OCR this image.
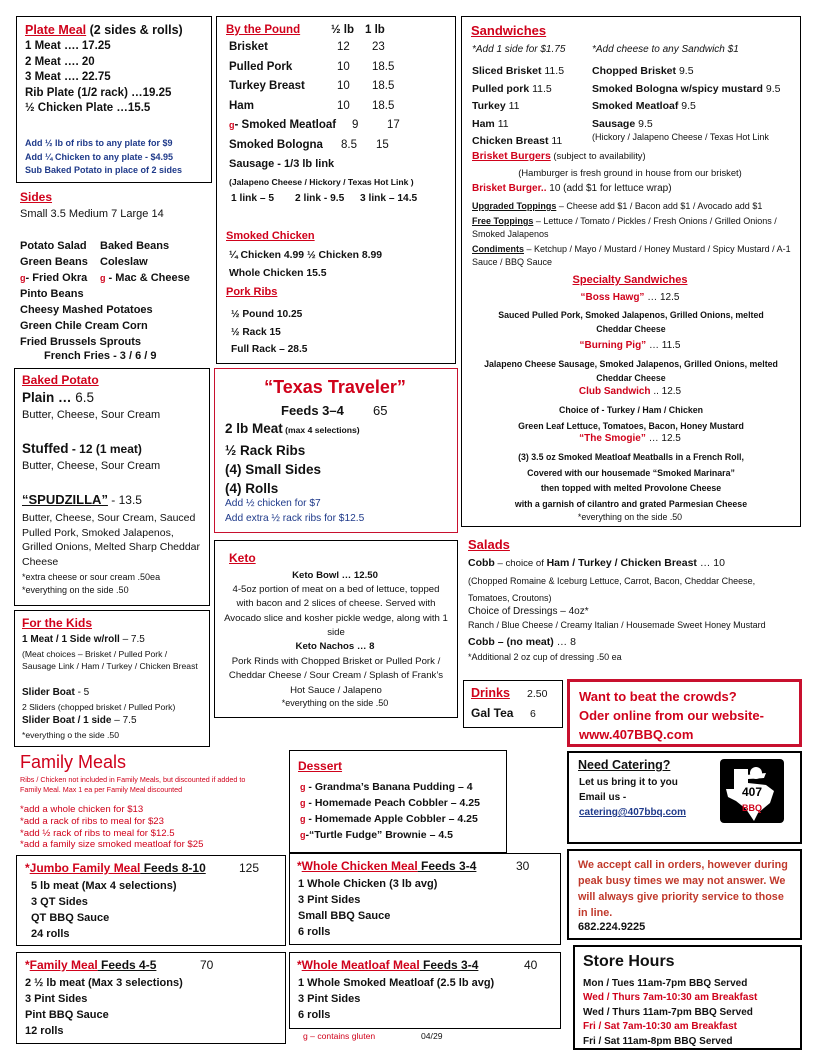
Plate Meal (2 sides & rolls)
1 Meat …. 17.25
2 Meat …. 20
3 Meat …. 22.75
Rib Plate (1/2 rack) …19.25
½ Chicken Plate …15.5
Add ½ lb of ribs to any plate for $9
Add ¼ Chicken to any plate - $4.95
Sub Baked Potato in place of 2 sides
Sides
Small 3.5 Medium 7 Large 14
Potato Salad
Green Beans
g- Fried Okra
Pinto Beans
Baked Beans
Coleslaw
g - Mac & Cheese
Cheesy Mashed Potatoes
Green Chile Cream Corn
Fried Brussels Sprouts
French Fries - 3 / 6 / 9
Baked Potato
Plain … 6.5
Butter, Cheese, Sour Cream
Stuffed - 12 (1 meat)
Butter, Cheese, Sour Cream
“SPUDZILLA” - 13.5
Butter, Cheese, Sour Cream, Sauced Pulled Pork, Smoked Jalapenos, Grilled Onions, Melted Sharp Cheddar Cheese
*extra cheese or sour cream .50ea
*everything on the side .50
For the Kids
1 Meat / 1 Side w/roll – 7.5
(Meat choices – Brisket / Pulled Pork / Sausage Link / Ham / Turkey / Chicken Breast
Slider Boat - 5
2 Sliders (chopped brisket / Pulled Pork)
Slider Boat / 1 side – 7.5
*everything o the side .50
Family Meals
Ribs / Chicken not included in Family Meals, but discounted if added to Family Meal. Max 1 ea per Family Meal discounted
*add a whole chicken for $13
*add a rack of ribs to meal for $23
*add ½ rack of ribs to meal for $12.5
*add a family size smoked meatloaf for $25
*Jumbo Family Meal Feeds 8-10	125
5 lb meat (Max 4 selections)
3 QT Sides
QT BBQ Sauce
24 rolls
*Family Meal Feeds 4-5	70
2 ½ lb meat (Max 3 selections)
3 Pint Sides
Pint BBQ Sauce
12 rolls
By the Pound	½ lb 1 lb
Brisket	12 23
Pulled Pork	10 18.5
Turkey Breast	10 18.5
Ham	10 18.5
g- Smoked Meatloaf 9 17
Smoked Bologna 8.5 15
Sausage - 1/3 lb link
(Jalapeno Cheese / Hickory / Texas Hot Link )
1 link – 5 2 link - 9.5 3 link – 14.5
Smoked Chicken
¼ Chicken 4.99 ½ Chicken 8.99
Whole Chicken 15.5
Pork Ribs
½ Pound 10.25
½ Rack 15
Full Rack – 28.5
“Texas Traveler”
Feeds 3–4 65
2 lb Meat (max 4 selections)
½ Rack Ribs
(4) Small Sides
(4) Rolls
Add ½ chicken for $7
Add extra ½ rack ribs for $12.5
Keto
Keto Bowl … 12.50
4-5oz portion of meat on a bed of lettuce, topped with bacon and 2 slices of cheese. Served with Avocado slice and kosher pickle wedge, along with 1 side
Keto Nachos … 8
Pork Rinds with Chopped Brisket or Pulled Pork / Cheddar Cheese / Sour Cream / Splash of Frank’s Hot Sauce / Jalapeno
*everything on the side .50
Dessert
g - Grandma’s Banana Pudding – 4
g - Homemade Peach Cobbler – 4.25
g - Homemade Apple Cobbler – 4.25
g-“Turtle Fudge” Brownie – 4.5
*Whole Chicken Meal Feeds 3-4	30
1 Whole Chicken (3 lb avg)
3 Pint Sides
Small BBQ Sauce
6 rolls
*Whole Meatloaf Meal Feeds 3-4	40
1 Whole Smoked Meatloaf (2.5 lb avg)
3 Pint Sides
6 rolls
g – contains gluten	04/29
Sandwiches
*Add 1 side for $1.75	*Add cheese to any Sandwich $1
Sliced Brisket 11.5
Pulled pork 11.5
Turkey 11
Ham 11
Chicken Breast 11
Chopped Brisket 9.5
Smoked Bologna w/spicy mustard 9.5
Smoked Meatloaf 9.5
Sausage 9.5
(Hickory / Jalapeno Cheese / Texas Hot Link
Brisket Burgers (subject to availability)
(Hamburger is fresh ground in house from our brisket)
Brisket Burger.. 10 (add $1 for lettuce wrap)
Upgraded Toppings – Cheese add $1 / Bacon add $1 / Avocado add $1
Free Toppings – Lettuce / Tomato / Pickles / Fresh Onions / Grilled Onions / Smoked Jalapenos
Condiments – Ketchup / Mayo / Mustard / Honey Mustard / Spicy Mustard / A-1 Sauce / BBQ Sauce
Specialty Sandwiches
“Boss Hawg” … 12.5
Sauced Pulled Pork, Smoked Jalapenos, Grilled Onions, melted Cheddar Cheese
“Burning Pig” … 11.5
Jalapeno Cheese Sausage, Smoked Jalapenos, Grilled Onions, melted Cheddar Cheese
Club Sandwich .. 12.5
Choice of - Turkey / Ham / Chicken
Green Leaf Lettuce, Tomatoes, Bacon, Honey Mustard
“The Smogie” … 12.5
(3) 3.5 oz Smoked Meatloaf Meatballs in a French Roll,
Covered with our housemade “Smoked Marinara”
then topped with melted Provolone Cheese
with a garnish of cilantro and grated Parmesian Cheese
*everything on the side .50
Salads
Cobb – choice of Ham / Turkey / Chicken Breast … 10
(Chopped Romaine & Iceburg Lettuce, Carrot, Bacon, Cheddar Cheese, Tomatoes, Croutons)
Choice of Dressings – 4oz*
Ranch / Blue Cheese / Creamy Italian / Housemade Sweet Honey Mustard
Cobb – (no meat) … 8
*Additional 2 oz cup of dressing .50 ea
Drinks 2.50
Gal Tea 6
Want to beat the crowds?
Oder online from our website-
www.407BBQ.com
Need Catering?
Let us bring it to you
Email us -
catering@407bbq.com
407
BBQ
We accept call in orders, however during peak busy times we may not answer. We will always give priority service to those in line.
682.224.9225
Store Hours
Mon / Tues 11am-7pm BBQ Served
Wed / Thurs 7am-10:30 am Breakfast
Wed / Thurs 11am-7pm BBQ Served
Fri / Sat 7am-10:30 am Breakfast
Fri / Sat 11am-8pm BBQ Served
